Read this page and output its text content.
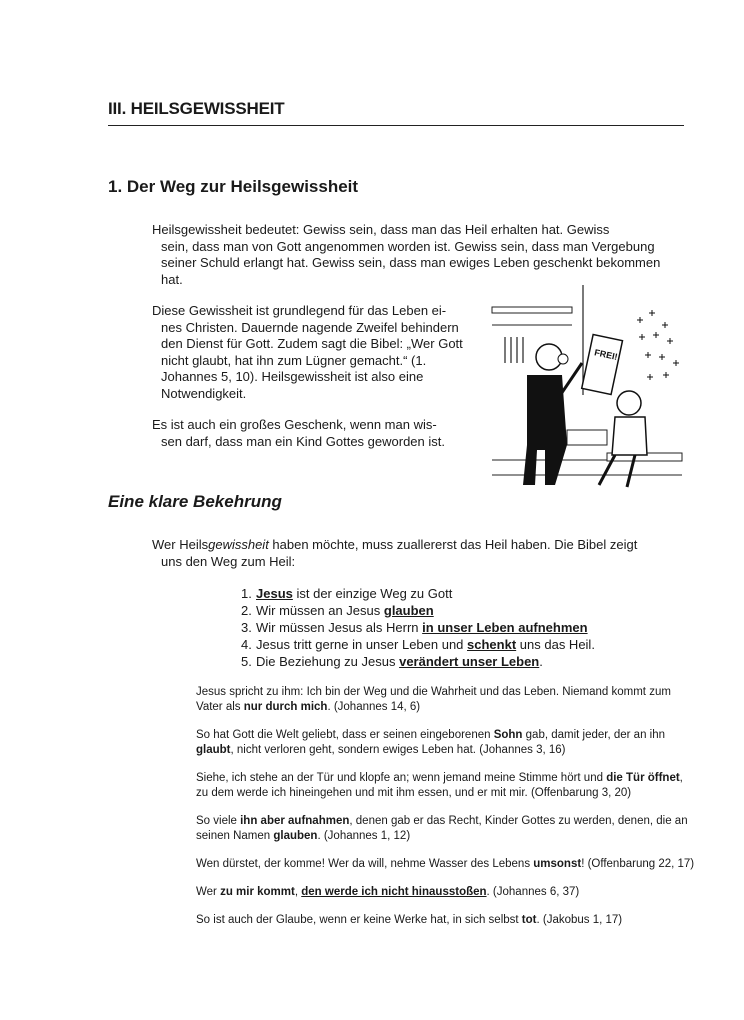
III. HEILSGEWISSHEIT
1. Der Weg zur Heilsgewissheit
Heilsgewissheit bedeutet: Gewiss sein, dass man das Heil erhalten hat. Gewiss
sein, dass man von Gott angenommen worden ist. Gewiss sein, dass man Vergebung seiner Schuld erlangt hat. Gewiss sein, dass man ewiges Leben geschenkt bekommen hat.
Diese Gewissheit ist grundlegend für das Leben ei-
nes Christen. Dauernde nagende Zweifel behindern den Dienst für Gott. Zudem sagt die Bibel: „Wer Gott nicht glaubt, hat ihn zum Lügner gemacht.“ (1. Johannes 5, 10). Heilsgewissheit ist also eine Notwendigkeit.
Es ist auch ein großes Geschenk, wenn man wis-
sen darf, dass man ein Kind Gottes geworden ist.
FREI!
Eine klare Bekehrung
Wer Heilsgewissheit haben möchte, muss zuallererst das Heil haben. Die Bibel zeigt
uns den Weg zum Heil:
1. Jesus ist der einzige Weg zu Gott
2. Wir müssen an Jesus glauben
3. Wir müssen Jesus als Herrn in unser Leben aufnehmen
4. Jesus tritt gerne in unser Leben und schenkt uns das Heil.
5. Die Beziehung zu Jesus verändert unser Leben.

Jesus spricht zu ihm: Ich bin der Weg und die Wahrheit und das Leben. Niemand kommt zum Vater als nur durch mich. (Johannes 14, 6)

So hat Gott die Welt geliebt, dass er seinen eingeborenen Sohn gab, damit jeder, der an ihn glaubt, nicht verloren geht, sondern ewiges Leben hat. (Johannes 3, 16)

Siehe, ich stehe an der Tür und klopfe an; wenn jemand meine Stimme hört und die Tür öffnet, zu dem werde ich hineingehen und mit ihm essen, und er mit mir. (Offenbarung 3, 20)

So viele ihn aber aufnahmen, denen gab er das Recht, Kinder Gottes zu werden, denen, die an seinen Namen glauben. (Johannes 1, 12)

Wen dürstet, der komme! Wer da will, nehme Wasser des Lebens umsonst! (Offenbarung 22, 17)

Wer zu mir kommt, den werde ich nicht hinausstoßen. (Johannes 6, 37)

So ist auch der Glaube, wenn er keine Werke hat, in sich selbst tot. (Jakobus 1, 17)
